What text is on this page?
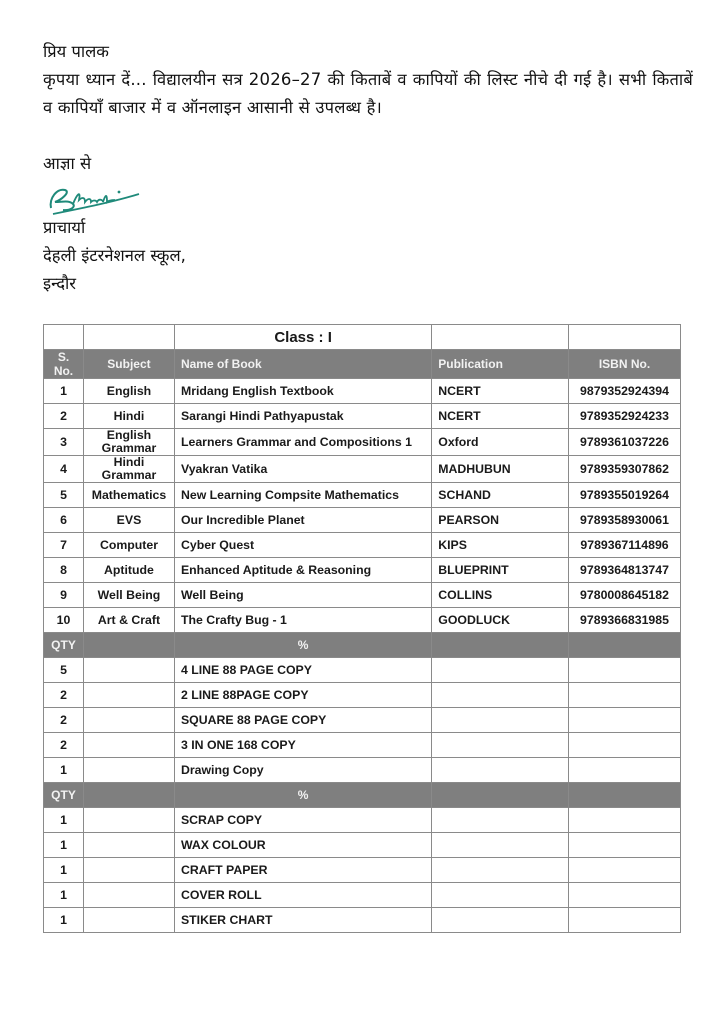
प्रिय पालक

कृपया ध्यान दें... विद्यालयीन सत्र 2026–27 की किताबें व कापियों की लिस्ट नीचे दी गई है। सभी किताबें व कापियाँ बाजार में व ऑनलाइन आसानी से उपलब्ध है।

आज्ञा से

प्राचार्या

देहली इंटरनेशनल स्कूल,

इन्दौर

		Class : I		
S. No.	Subject	Name of Book	Publication	ISBN No.
1	English	Mridang English Textbook	NCERT	9879352924394
2	Hindi	Sarangi Hindi Pathyapustak	NCERT	9789352924233
3	English Grammar	Learners Grammar and Compositions 1	Oxford	9789361037226
4	Hindi Grammar	Vyakran Vatika	MADHUBUN	9789359307862
5	Mathematics	New Learning Compsite Mathematics	SCHAND	9789355019264
6	EVS	Our Incredible Planet	PEARSON	9789358930061
7	Computer	Cyber Quest	KIPS	9789367114896
8	Aptitude	Enhanced Aptitude & Reasoning	BLUEPRINT	9789364813747
9	Well Being	Well Being	COLLINS	9780008645182
10	Art & Craft	The Crafty Bug - 1	GOODLUCK	9789366831985
QTY		%		
5		4 LINE 88 PAGE COPY		
2		2 LINE 88PAGE COPY		
2		SQUARE 88 PAGE COPY		
2		3 IN ONE 168 COPY		
1		Drawing Copy		
QTY		%		
1		SCRAP COPY		
1		WAX COLOUR		
1		CRAFT PAPER		
1		COVER ROLL		
1		STIKER CHART		
